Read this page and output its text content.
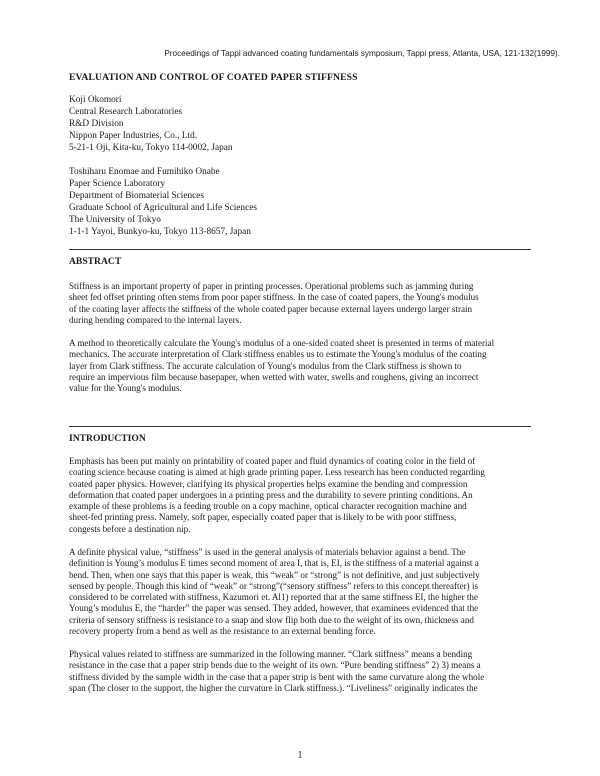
Proceedings of Tappi advanced coating fundamentals symposium, Tappi press, Atlanta, USA, 121-132(1999).
EVALUATION AND CONTROL OF COATED PAPER STIFFNESS
Koji Okomori
Central Research Laboratories
R&D Division
Nippon Paper Industries, Co., Ltd.
5-21-1 Oji, Kita-ku, Tokyo 114-0002, Japan
Toshiharu Enomae and Fumihiko Onabe
Paper Science Laboratory
Department of Biomaterial Sciences
Graduate School of Agricultural and Life Sciences
The University of Tokyo
1-1-1 Yayoi, Bunkyo-ku, Tokyo 113-8657, Japan
ABSTRACT
Stiffness is an important property of paper in printing processes. Operational problems such as jamming during
sheet fed offset printing often stems from poor paper stiffness. In the case of coated papers, the Young's modulus
of the coating layer affects the stiffness of the whole coated paper because external layers undergo larger strain
during bending compared to the internal layers.
A method to theoretically calculate the Young's modulus of a one-sided coated sheet is presented in terms of material
mechanics. The accurate interpretation of Clark stiffness enables us to estimate the Young's modulus of the coating
layer from Clark stiffness. The accurate calculation of Young's modulus from the Clark stiffness is shown to
require an impervious film because basepaper, when wetted with water, swells and roughens, giving an incorrect
value for the Young's modulus.
INTRODUCTION
Emphasis has been put mainly on printability of coated paper and fluid dynamics of coating color in the field of
coating science because coating is aimed at high grade printing paper. Less research has been conducted regarding
coated paper physics. However, clarifying its physical properties helps examine the bending and compression
deformation that coated paper undergoes in a printing press and the durability to severe printing conditions. An
example of these problems is a feeding trouble on a copy machine, optical character recognition machine and
sheet-fed printing press. Namely, soft paper, especially coated paper that is likely to be with poor stiffness,
congests before a destination nip.
A definite physical value, “stiffness” is used in the general analysis of materials behavior against a bend. The
definition is Young’s modulus E times second moment of area I, that is, EI, is the stiffness of a material against a
bend. Then, when one says that this paper is weak, this “weak” or “strong” is not definitive, and just subjectively
sensed by people. Though this kind of “weak” or “strong”(“sensory stiffness” refers to this concept thereafter) is
considered to be correlated with stiffness, Kazumori et. Al1) reported that at the same stiffness EI, the higher the
Young’s modulus E, the “harder” the paper was sensed. They added, however, that examinees evidenced that the
criteria of sensory stiffness is resistance to a snap and slow flip both due to the weight of its own, thickness and
recovery property from a bend as well as the resistance to an external bending force.
Physical values related to stiffness are summarized in the following manner. “Clark stiffness” means a bending
resistance in the case that a paper strip bends due to the weight of its own. “Pure bending stiffness” 2) 3) means a
stiffness divided by the sample width in the case that a paper strip is bent with the same curvature along the whole
span (The closer to the support, the higher the curvature in Clark stiffness.). “Liveliness” originally indicates the
1
